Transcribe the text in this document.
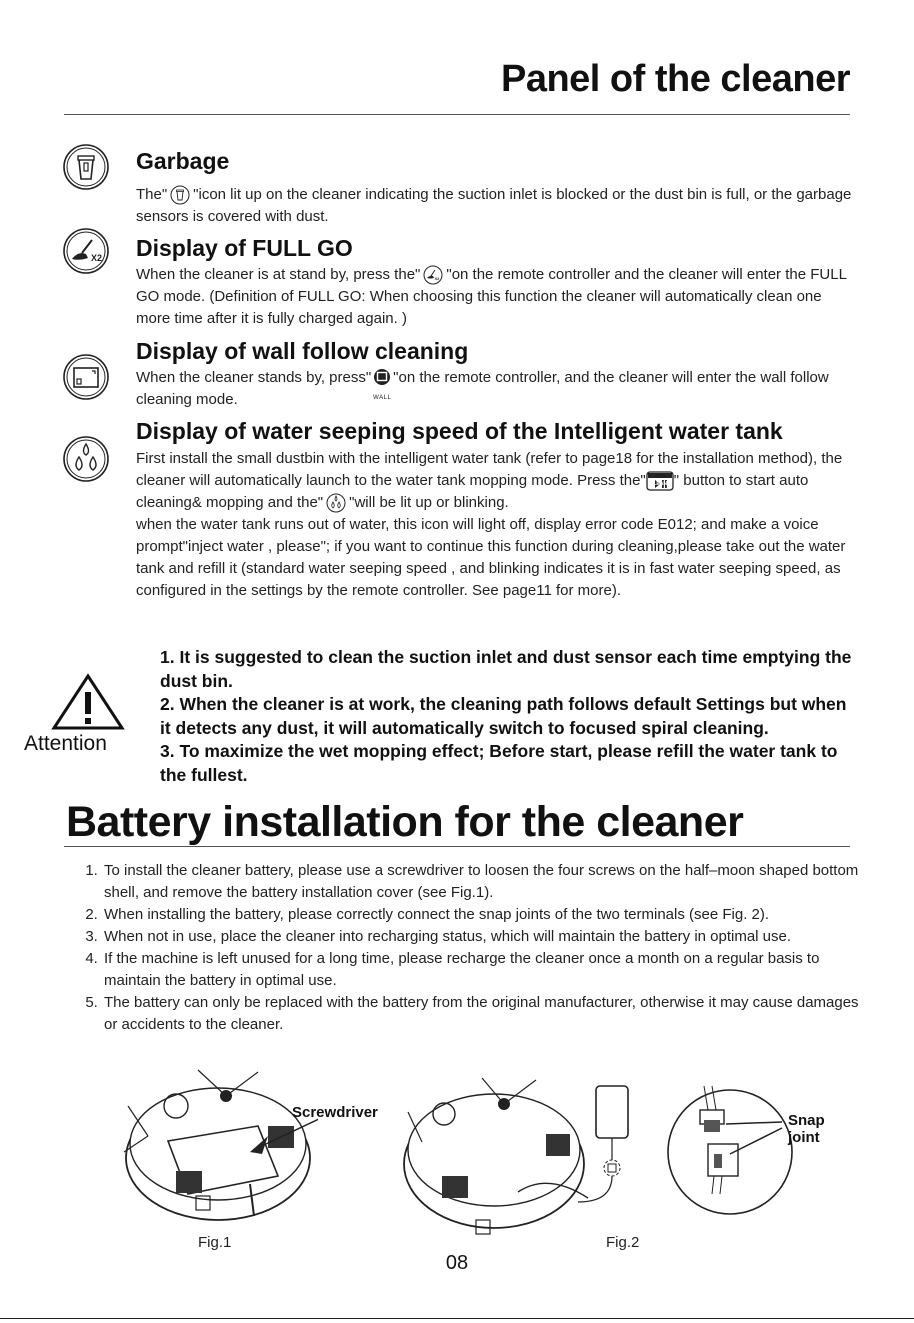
Panel of the cleaner
Garbage
The" "icon lit up on the cleaner indicating the suction inlet is blocked or the dust bin is full, or the garbage sensors is covered with dust.
X2 Display of FULL GO
When the cleaner is at stand by, press the"	X2 "on the remote controller and the cleaner will enter the FULL GO mode. (Definition of FULL GO: When choosing this function the cleaner will automatically clean one more time after it is fully charged again. )
Display of wall follow cleaning
When the cleaner stands by, press"
WALL
"on the remote controller, and the cleaner will enter the wall follow cleaning mode.
Display of water seeping speed of the Intelligent water tank
First install the small dustbin with the intelligent water tank (refer to page18 for the installation method), the cleaner will automatically launch to the water tank mopping mode. Press the" CLEAN " button to start auto cleaning& mopping and the" "will be lit up or blinking.
when the water tank runs out of water, this icon will light off, display error code E012; and make a voice prompt"inject water , please"; if you want to continue this function during cleaning,please take out the water tank and refill it (standard water seeping speed , and blinking indicates it is in fast water seeping speed, as configured in the settings by the remote controller. See page11 for more).
Attention
1. It is suggested to clean the suction inlet and dust sensor each time emptying the dust bin.
2. When the cleaner is at work, the cleaning path follows default Settings but when it detects any dust, it will automatically switch to focused spiral cleaning.
3. To maximize the wet mopping effect; Before start, please refill the water tank to the fullest.
Battery installation for the cleaner
1. To install the cleaner battery, please use a screwdriver to loosen the four screws on the half–moon shaped bottom shell, and remove the battery installation cover (see Fig.1).
2. When installing the battery, please correctly connect the snap joints of the two terminals (see Fig. 2).
3. When not in use, place the cleaner into recharging status, which will maintain the battery in optimal use.
4. If the machine is left unused for a long time, please recharge the cleaner once a month on a regular basis to maintain the battery in optimal use.
5. The battery can only be replaced with the battery from the original manufacturer, otherwise it may cause damages or accidents to the cleaner.
Screwdriver
Fig.1
Snap
joint
Fig.2
08
